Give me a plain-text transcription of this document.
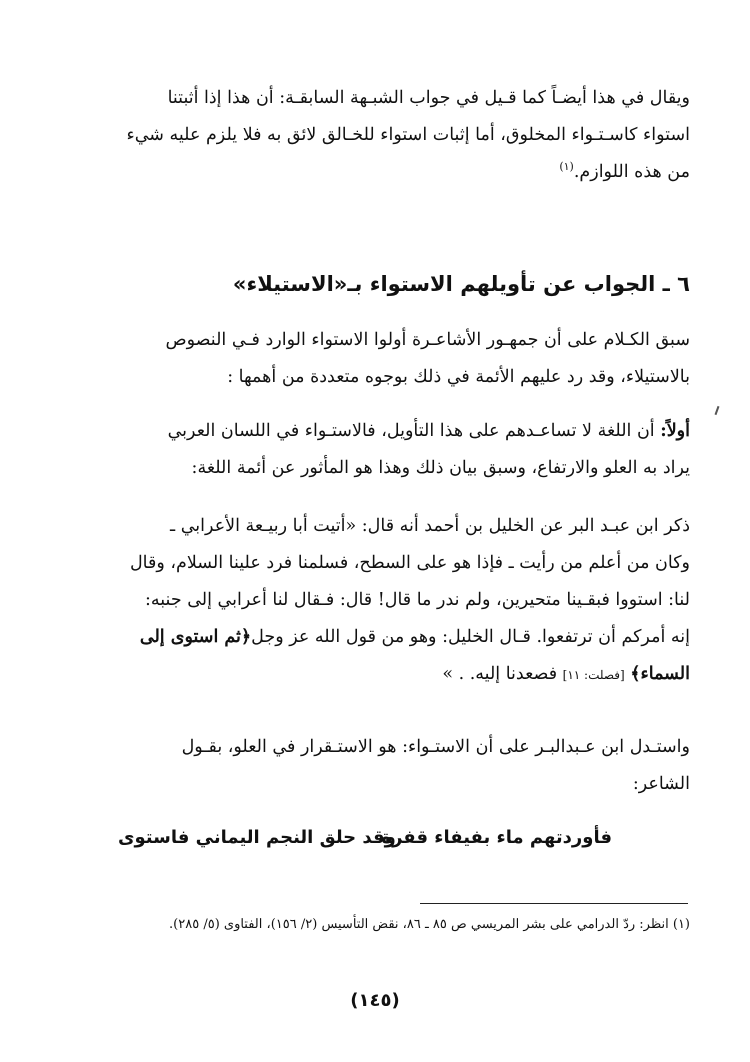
ويقال في هذا أيضـاً كما قـيل في جواب الشبـهة السابقـة: أن هذا إذا أثبتنا
استواء كاسـتـواء المخلوق، أما إثبات استواء للخـالق لائق به فلا يلزم عليه شيء
من هذه اللوازم.$^{(١)}$
٦ ـ الجواب عن تأويلهم الاستواء بـ«الاستيلاء»
سبق الكـلام على أن جمهـور الأشاعـرة أولوا الاستواء الوارد فـي النصوص
بالاستيلاء، وقد رد عليهم الأئمة في ذلك بوجوه متعددة من أهمها :
أولاً: أن اللغة لا تساعـدهم على هذا التأويل، فالاستـواء في اللسان العربي
يراد به العلو والارتفاع، وسبق بيان ذلك وهذا هو المأثور عن أئمة اللغة:
ذكر ابن عبـد البر عن الخليل بن أحمد أنه قال: «أتيت أبا ربيـعة الأعرابي ـ
وكان من أعلم من رأيت ـ فإذا هو على السطح، فسلمنا فرد علينا السلام، وقال
لنا: استووا فبقـينا متحيرين، ولم ندر ما قال! قال: فـقال لنا أعرابي إلى جنبه:
إنه أمركم أن ترتفعوا. قـال الخليل: وهو من قول الله عز وجل﴿ثم استوى إلى
السماء﴾ [فصلت: ١١] فصعدنا إليه. . »
واستـدل ابن عـبدالبـر على أن الاستـواء: هو الاستـقرار في العلو، بقـول
الشاعر:
فأوردتهم ماء بفيفاء قفرة
وقد حلق النجم اليماني فاستوى
(١) انظر: ردّ الدرامي على بشر المريسي ص ٨٥ ـ ٨٦، نقض التأسيس (٢/ ١٥٦)، الفتاوى (٥/ ٢٨٥).
(١٤٥)
